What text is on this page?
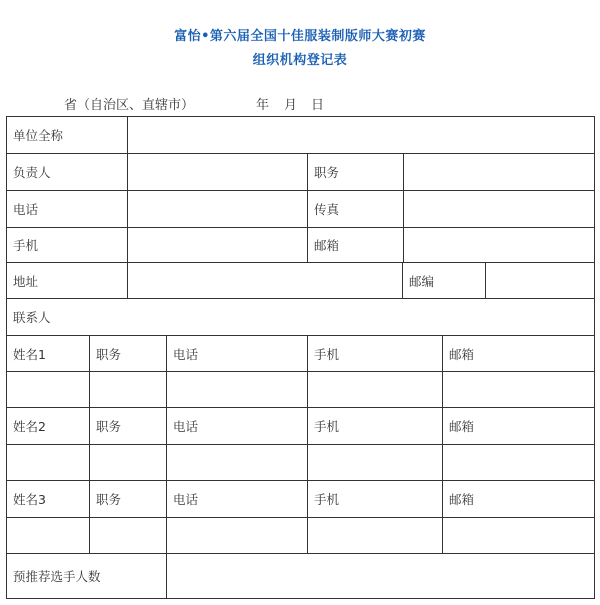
富怡•第六届全国十佳服装制版师大赛初赛
组织机构登记表
省（自治区、直辖市）	年 月 日
单位全称
负责人	职务
电话	传真
手机	邮箱
地址	邮编
联系人
姓名1	职务	电话	手机	邮箱
姓名2	职务	电话	手机	邮箱
姓名3	职务	电话	手机	邮箱
预推荐选手人数
